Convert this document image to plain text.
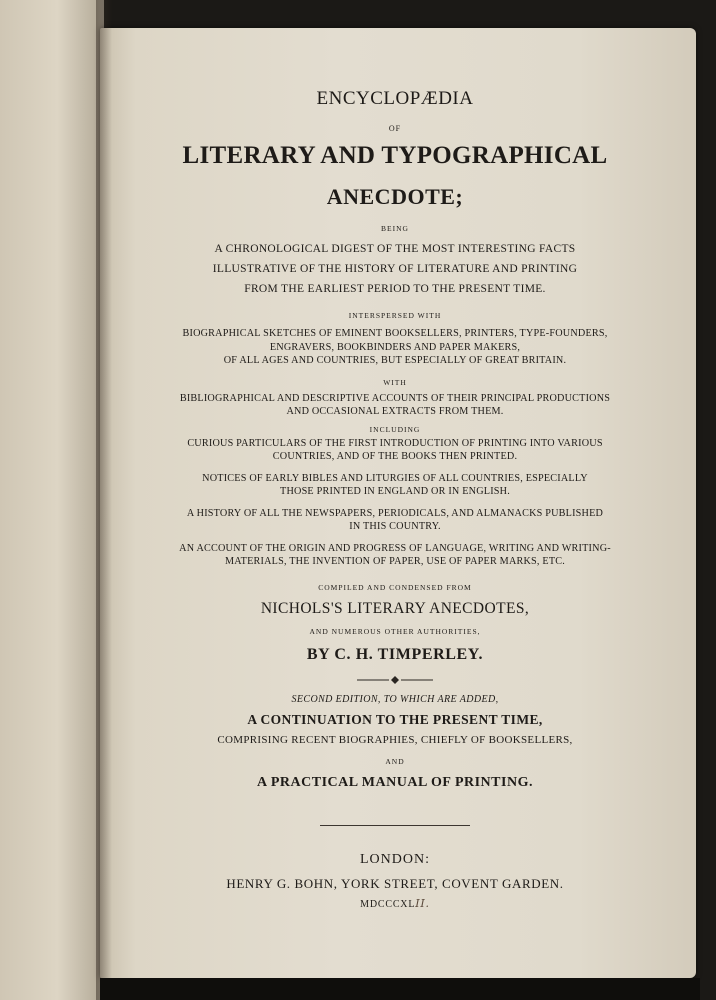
ENCYCLOPÆDIA
OF
LITERARY AND TYPOGRAPHICAL
ANECDOTE;
BEING
A CHRONOLOGICAL DIGEST OF THE MOST INTERESTING FACTS
ILLUSTRATIVE OF THE HISTORY OF LITERATURE AND PRINTING
FROM THE EARLIEST PERIOD TO THE PRESENT TIME.
INTERSPERSED WITH
BIOGRAPHICAL SKETCHES OF EMINENT BOOKSELLERS, PRINTERS, TYPE-FOUNDERS,
ENGRAVERS, BOOKBINDERS AND PAPER MAKERS,
OF ALL AGES AND COUNTRIES, BUT ESPECIALLY OF GREAT BRITAIN.
WITH
BIBLIOGRAPHICAL AND DESCRIPTIVE ACCOUNTS OF THEIR PRINCIPAL PRODUCTIONS
AND OCCASIONAL EXTRACTS FROM THEM.
INCLUDING
CURIOUS PARTICULARS OF THE FIRST INTRODUCTION OF PRINTING INTO VARIOUS
COUNTRIES, AND OF THE BOOKS THEN PRINTED.
NOTICES OF EARLY BIBLES AND LITURGIES OF ALL COUNTRIES, ESPECIALLY
THOSE PRINTED IN ENGLAND OR IN ENGLISH.
A HISTORY OF ALL THE NEWSPAPERS, PERIODICALS, AND ALMANACKS PUBLISHED
IN THIS COUNTRY.
AN ACCOUNT OF THE ORIGIN AND PROGRESS OF LANGUAGE, WRITING AND WRITING-
MATERIALS, THE INVENTION OF PAPER, USE OF PAPER MARKS, ETC.
COMPILED AND CONDENSED FROM
NICHOLS'S LITERARY ANECDOTES,
AND NUMEROUS OTHER AUTHORITIES,
BY C. H. TIMPERLEY.
SECOND EDITION, TO WHICH ARE ADDED,
A CONTINUATION TO THE PRESENT TIME,
COMPRISING RECENT BIOGRAPHIES, CHIEFLY OF BOOKSELLERS,
AND
A PRACTICAL MANUAL OF PRINTING.
LONDON:
HENRY G. BOHN, YORK STREET, COVENT GARDEN.
MDCCCXLII.
